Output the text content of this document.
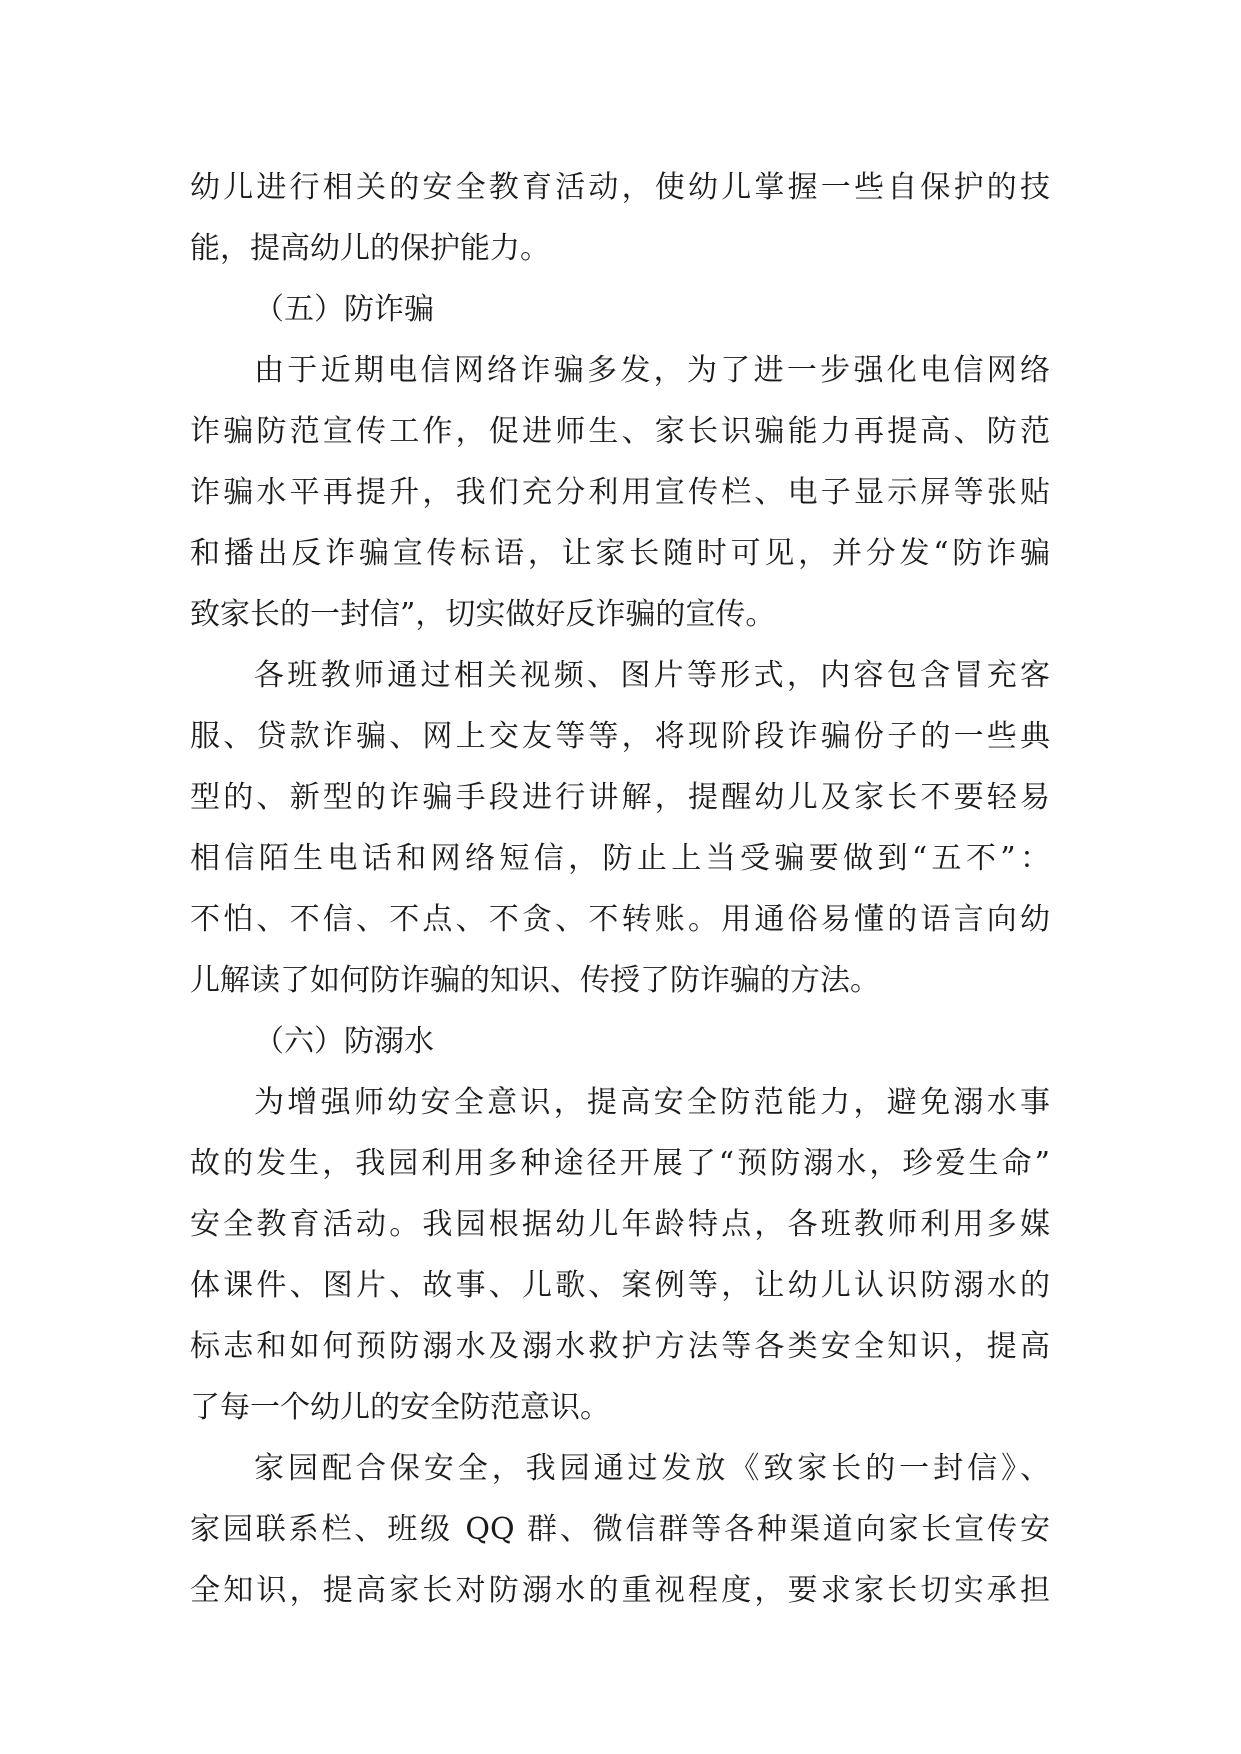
幼儿进行相关的安全教育活动，使幼儿掌握一些自保护的技
能，提高幼儿的保护能力。
（五）防诈骗
由于近期电信网络诈骗多发，为了进一步强化电信网络
诈骗防范宣传工作，促进师生、家长识骗能力再提高、防范
诈骗水平再提升，我们充分利用宣传栏、电子显示屏等张贴
和播出反诈骗宣传标语，让家长随时可见，并分发“防诈骗
致家长的一封信”，切实做好反诈骗的宣传。
各班教师通过相关视频、图片等形式，内容包含冒充客
服、贷款诈骗、网上交友等等，将现阶段诈骗份子的一些典
型的、新型的诈骗手段进行讲解，提醒幼儿及家长不要轻易
相信陌生电话和网络短信，防止上当受骗要做到“五不”：
不怕、不信、不点、不贪、不转账。用通俗易懂的语言向幼
儿解读了如何防诈骗的知识、传授了防诈骗的方法。
（六）防溺水
为增强师幼安全意识，提高安全防范能力，避免溺水事
故的发生，我园利用多种途径开展了“预防溺水，珍爱生命”
安全教育活动。我园根据幼儿年龄特点，各班教师利用多媒
体课件、图片、故事、儿歌、案例等，让幼儿认识防溺水的
标志和如何预防溺水及溺水救护方法等各类安全知识，提高
了每一个幼儿的安全防范意识。
家园配合保安全，我园通过发放《致家长的一封信》、
家园联系栏、班级 QQ 群、微信群等各种渠道向家长宣传安
全知识，提高家长对防溺水的重视程度，要求家长切实承担
